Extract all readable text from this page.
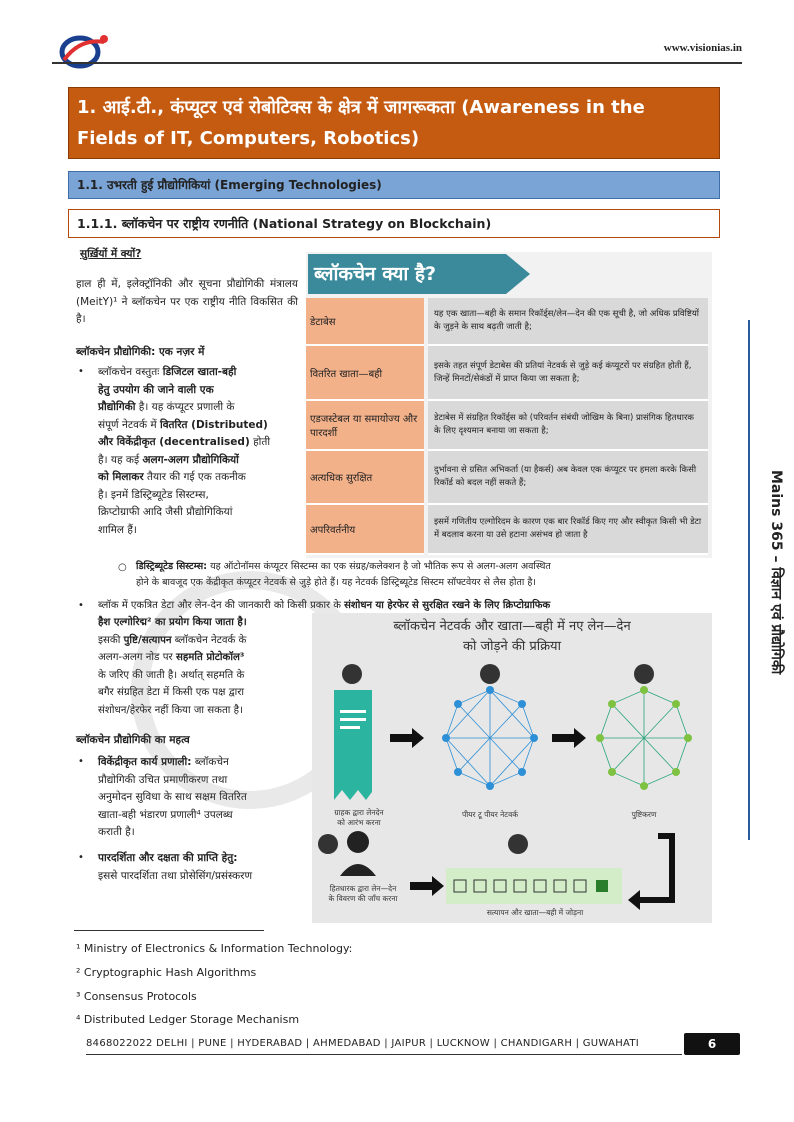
www.visionias.in
1. आई.टी., कंप्यूटर एवं रोबोटिक्स के क्षेत्र में जागरूकता (Awareness in the Fields of IT, Computers, Robotics)
1.1. उभरती हुई प्रौद्योगिकियां (Emerging Technologies)
1.1.1. ब्लॉकचेन पर राष्ट्रीय रणनीति (National Strategy on Blockchain)
सुर्ख़ियों में क्यों?
हाल ही में, इलेक्ट्रॉनिकी और सूचना प्रौद्योगिकी मंत्रालय (MeitY)¹ ने ब्लॉकचेन पर एक राष्ट्रीय नीति विकसित की है।
ब्लॉकचेन प्रौद्योगिकी: एक नज़र में
• ब्लॉकचेन वस्तुतः डिजिटल खाता-बही
हेतु उपयोग की जाने वाली एक
प्रौद्योगिकी है। यह कंप्यूटर प्रणाली के
संपूर्ण नेटवर्क में वितरित (Distributed)
और विकेंद्रीकृत (decentralised) होती
है। यह कई अलग-अलग प्रौद्योगिकियों
को मिलाकर तैयार की गई एक तकनीक
है। इनमें डिस्ट्रिब्यूटेड सिस्टम्स,
क्रिप्टोग्राफी आदि जैसी प्रौद्योगिकियां
शामिल हैं।
○ डिस्ट्रिब्यूटेड सिस्टम्स: यह ऑटोनॉमस कंप्यूटर सिस्टम्स का एक संग्रह/कलेक्शन है जो भौतिक रूप से अलग-अलग अवस्थित
होने के बावजूद एक केंद्रीकृत कंप्यूटर नेटवर्क से जुड़े होते हैं। यह नेटवर्क डिस्ट्रिब्यूटेड सिस्टम सॉफ्टवेयर से लैस होता है।
• ब्लॉक में एकत्रित डेटा और लेन-देन की जानकारी को किसी प्रकार के संशोधन या हेरफेर से सुरक्षित रखने के लिए क्रिप्टोग्राफिक
हैश एल्गोरिद्म² का प्रयोग किया जाता है।
इसकी पुष्टि/सत्यापन ब्लॉकचेन नेटवर्क के
अलग-अलग नोड पर सहमति प्रोटोकॉल³
के जरिए की जाती है। अर्थात् सहमति के
बगैर संग्रहित डेटा में किसी एक पक्ष द्वारा
संशोधन/हेरफेर नहीं किया जा सकता है।
ब्लॉकचेन प्रौद्योगिकी का महत्व
• विकेंद्रीकृत कार्य प्रणाली: ब्लॉकचेन
प्रौद्योगिकी उचित प्रमाणीकरण तथा
अनुमोदन सुविधा के साथ सक्षम वितरित
खाता-बही भंडारण प्रणाली⁴ उपलब्ध
कराती है।
• पारदर्शिता और दक्षता की प्राप्ति हेतु:
इससे पारदर्शिता तथा प्रोसेसिंग/प्रसंस्करण
ब्लॉकचेन क्या है?
डेटाबेस
यह एक खाता—बही के समान रिकॉर्ड्स/लेन—देन की एक सूची है, जो अधिक प्रविष्टियों के जुड़ने के साथ बढ़ती जाती है;
वितरित खाता—बही
इसके तहत संपूर्ण डेटाबेस की प्रतियां नेटवर्क से जुड़े कई कंप्यूटरों पर संग्रहित होती हैं, जिन्हें मिनटों/सेकंडों में प्राप्त किया जा सकता है;
एडजस्टेबल या समायोज्य और पारदर्शी
डेटाबेस में संग्रहित रिकॉर्ड्स को (परिवर्तन संबंधी जोखिम के बिना) प्रासंगिक हितधारक के लिए दृश्यमान बनाया जा सकता है;
अत्यधिक सुरक्षित
दुर्भावना से ग्रसित अभिकर्ता (या हैकर्स) अब केवल एक कंप्यूटर पर हमला करके किसी रिकॉर्ड को बदल नहीं सकते हैं;
अपरिवर्तनीय
इसमें गणितीय एल्गोरिदम के कारण एक बार रिकॉर्ड किए गए और स्वीकृत किसी भी डेटा में बदलाव करना या उसे हटाना असंभव हो जाता है
ब्लॉकचेन नेटवर्क और खाता—बही में नए लेन—देन
को जोड़ने की प्रक्रिया
ग्राहक द्वारा लेनदेन
को आरंभ करना
पीयर टू पीयर नेटवर्क	पुष्टिकरण
हितधारक द्वारा लेन—देन
के विवरण की जाँच करना
सत्यापन और खाता—बही में जोड़ना
Mains 365 – विज्ञान एवं प्रौद्योगिकी
¹ Ministry of Electronics & Information Technology:
² Cryptographic Hash Algorithms
³ Consensus Protocols
⁴ Distributed Ledger Storage Mechanism
8468022022 DELHI | PUNE | HYDERABAD | AHMEDABAD | JAIPUR | LUCKNOW | CHANDIGARH | GUWAHATI	6
